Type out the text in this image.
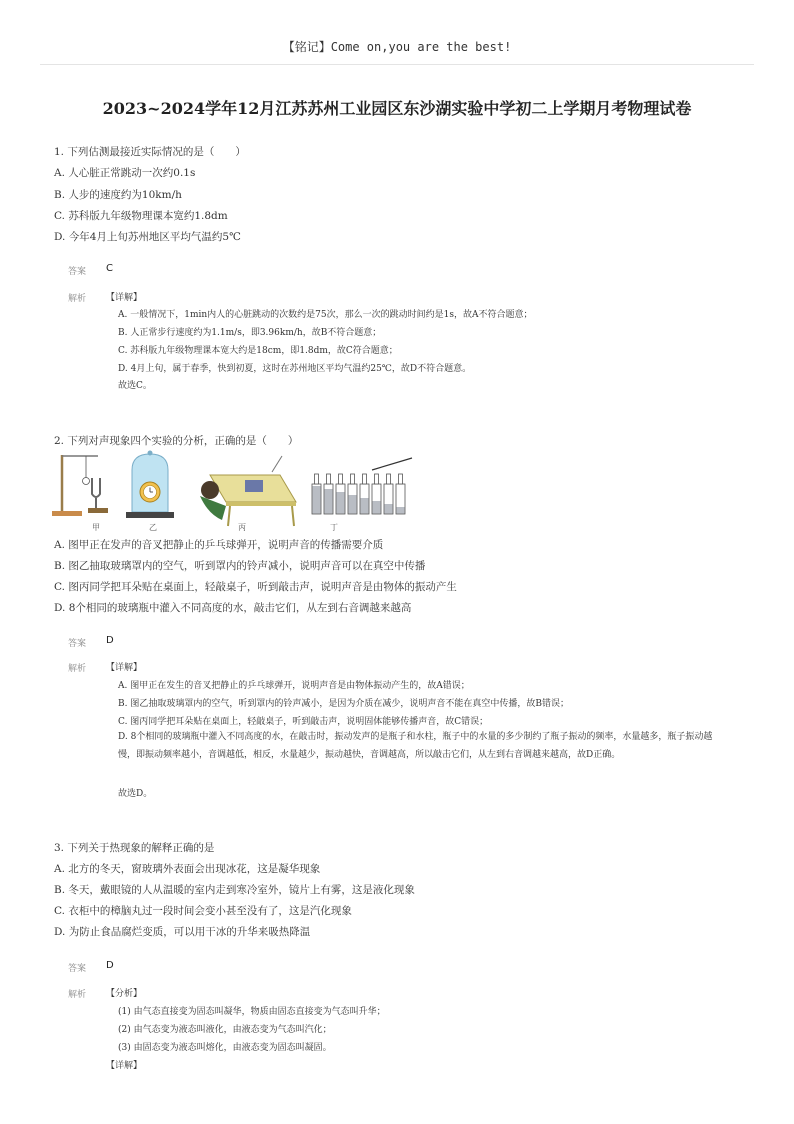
【铭记】Come on,you are the best!
2023~2024学年12月江苏苏州工业园区东沙湖实验中学初二上学期月考物理试卷
1. 下列估测最接近实际情况的是（　　）
A. 人心脏正常跳动一次约0.1s
B. 人步的速度约为10km/h
C. 苏科版九年级物理课本宽约1.8dm
D. 今年4月上旬苏州地区平均气温约5℃
答案 C
解析 【详解】
A. 一般情况下，1min内人的心脏跳动的次数约是75次，那么一次的跳动时间约是1s，故A不符合题意；
B. 人正常步行速度约为1.1m/s，即3.96km/h，故B不符合题意；
C. 苏科版九年级物理课本宽大约是18cm，即1.8dm，故C符合题意；
D. 4月上旬，属于春季，快到初夏，这时在苏州地区平均气温约25℃，故D不符合题意。
故选C。
2. 下列对声现象四个实验的分析，正确的是（　　）
甲	乙	丙	丁
A. 图甲正在发声的音叉把静止的乒乓球弹开，说明声音的传播需要介质
B. 图乙抽取玻璃罩内的空气，听到罩内的铃声减小，说明声音可以在真空中传播
C. 图丙同学把耳朵贴在桌面上，轻敲桌子，听到敲击声，说明声音是由物体的振动产生
D. 8个相同的玻璃瓶中灌入不同高度的水，敲击它们，从左到右音调越来越高
答案 D
解析 【详解】
A. 图甲正在发生的音叉把静止的乒乓球弹开，说明声音是由物体振动产生的，故A错误；
B. 图乙抽取玻璃罩内的空气，听到罩内的铃声减小，是因为介质在减少，说明声音不能在真空中传播，故B错误；
C. 图丙同学把耳朵贴在桌面上，轻敲桌子，听到敲击声，说明固体能够传播声音，故C错误；
D. 8个相同的玻璃瓶中灌入不同高度的水，在敲击时，振动发声的是瓶子和水柱，瓶子中的水量的多少制约了瓶子振动的频率，水量越多，瓶子振动越慢，即振动频率越小，音调越低，相反，水量越少，振动越快，音调越高，所以敲击它们，从左到右音调越来越高，故D正确。
故选D。
3. 下列关于热现象的解释正确的是
A. 北方的冬天，窗玻璃外表面会出现冰花，这是凝华现象
B. 冬天，戴眼镜的人从温暖的室内走到寒冷室外，镜片上有雾，这是液化现象
C. 衣柜中的樟脑丸过一段时间会变小甚至没有了，这是汽化现象
D. 为防止食品腐烂变质，可以用干冰的升华来吸热降温
答案 D
解析 【分析】
(1) 由气态直接变为固态叫凝华，物质由固态直接变为气态叫升华；
(2) 由气态变为液态叫液化，由液态变为气态叫汽化；
(3) 由固态变为液态叫熔化，由液态变为固态叫凝固。
【详解】
